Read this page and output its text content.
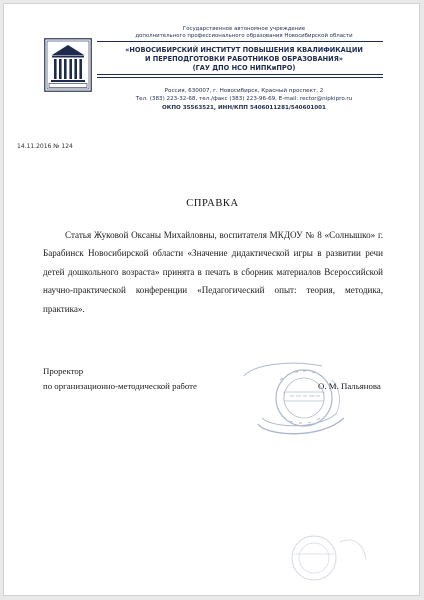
Государственное автономное учреждение
дополнительного профессионального образования Новосибирской области
«НОВОСИБИРСКИЙ ИНСТИТУТ ПОВЫШЕНИЯ КВАЛИФИКАЦИИ
И ПЕРЕПОДГОТОВКИ РАБОТНИКОВ ОБРАЗОВАНИЯ»
(ГАУ ДПО НСО НИПКиПРО)
Россия, 630007, г. Новосибирск, Красный проспект, 2
Тел. (383) 223-32-68, тел./факс (383) 223-96-69, E-mail: rector@nipkipro.ru
ОКПО 35563521, ИНН/КПП 5406011281/540601001
14.11.2016 № 124
СПРАВКА

Статья Жуковой Оксаны Михайловны, воспитателя МКДОУ № 8 «Солнышко» г. Барабинск Новосибирской области «Значение дидактической игры в развитии речи детей дошкольного возраста» принята в печать в сборник материалов Всероссийской научно-практической конференции «Педагогический опыт: теория, методика, практика».

Проректор
по организационно-методической работе	О. М. Пальянова
